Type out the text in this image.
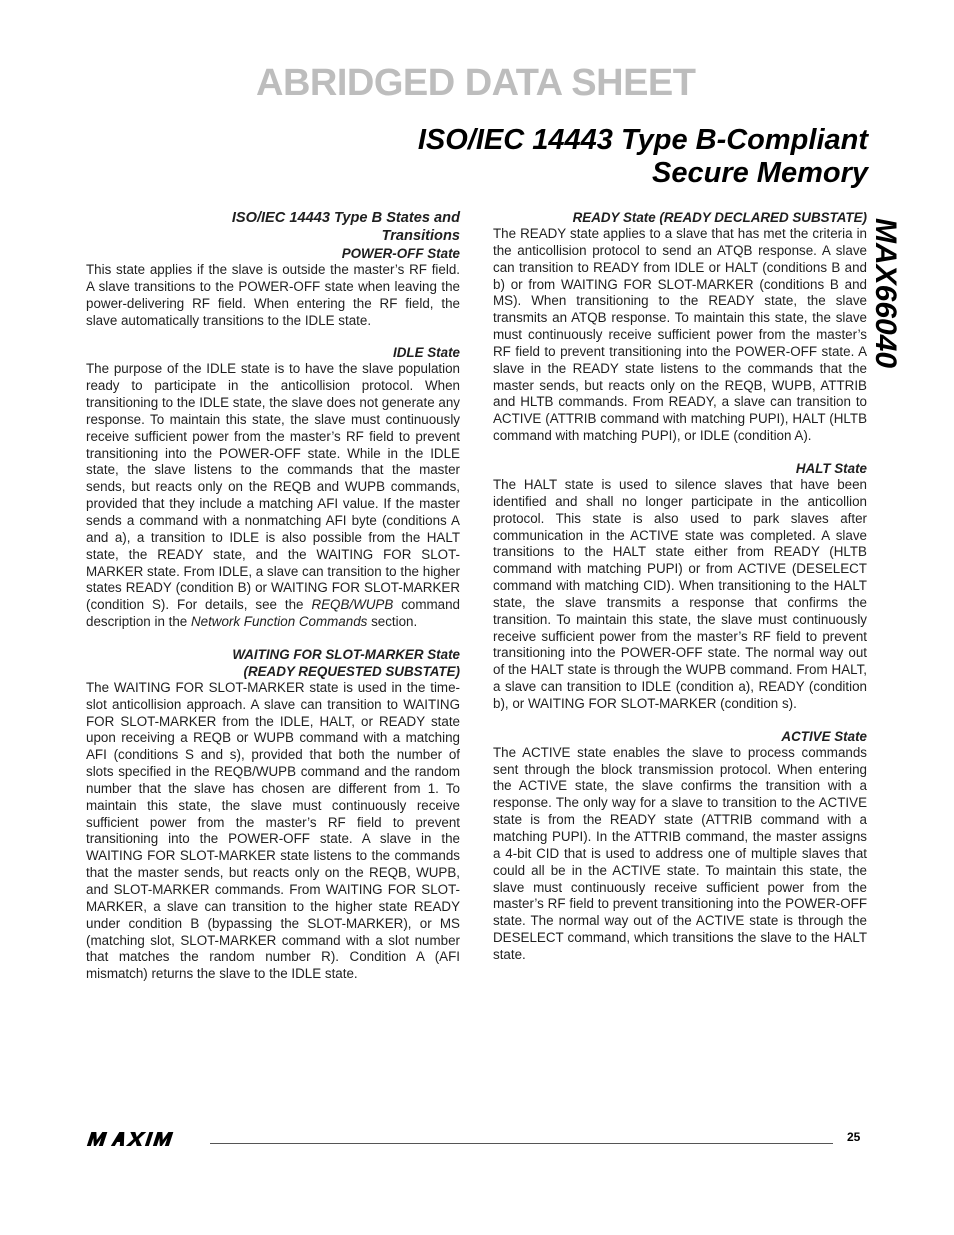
ABRIDGED DATA SHEET
ISO/IEC 14443 Type B-Compliant
Secure Memory
MAX66040
ISO/IEC 14443 Type B States and
Transitions
POWER-OFF State

This state applies if the slave is outside the master’s RF field. A slave transitions to the POWER-OFF state when leaving the power-delivering RF field. When entering the RF field, the slave automatically transitions to the IDLE state.

IDLE State

The purpose of the IDLE state is to have the slave population ready to participate in the anticollision protocol. When transitioning to the IDLE state, the slave does not generate any response. To maintain this state, the slave must continuously receive sufficient power from the master’s RF field to prevent transitioning into the POWER-OFF state. While in the IDLE state, the slave listens to the commands that the master sends, but reacts only on the REQB and WUPB commands, provided that they include a matching AFI value. If the master sends a command with a nonmatching AFI byte (conditions A and a), a transition to IDLE is also possible from the HALT state, the READY state, and the WAITING FOR SLOT-MARKER state. From IDLE, a slave can transition to the higher states READY (condition B) or WAITING FOR SLOT-MARKER (condition S). For details, see the REQB/WUPB command description in the Network Function Commands section.

WAITING FOR SLOT-MARKER State
(READY REQUESTED SUBSTATE)

The WAITING FOR SLOT-MARKER state is used in the time-slot anticollision approach. A slave can transition to WAITING FOR SLOT-MARKER from the IDLE, HALT, or READY state upon receiving a REQB or WUPB command with a matching AFI (conditions S and s), provided that both the number of slots specified in the REQB/WUPB command and the random number that the slave has chosen are different from 1. To maintain this state, the slave must continuously receive sufficient power from the master’s RF field to prevent transitioning into the POWER-OFF state. A slave in the WAITING FOR SLOT-MARKER state listens to the commands that the master sends, but reacts only on the REQB, WUPB, and SLOT-MARKER commands. From WAITING FOR SLOT-MARKER, a slave can transition to the higher state READY under condition B (bypassing the SLOT-MARKER), or MS (matching slot, SLOT-MARKER command with a slot number that matches the random number R). Condition A (AFI mismatch) returns the slave to the IDLE state.

READY State (READY DECLARED SUBSTATE)

The READY state applies to a slave that has met the criteria in the anticollision protocol to send an ATQB response. A slave can transition to READY from IDLE or HALT (conditions B and b) or from WAITING FOR SLOT-MARKER (conditions B and MS). When transitioning to the READY state, the slave transmits an ATQB response. To maintain this state, the slave must continuously receive sufficient power from the master’s RF field to prevent transitioning into the POWER-OFF state. A slave in the READY state listens to the commands that the master sends, but reacts only on the REQB, WUPB, ATTRIB and HLTB commands. From READY, a slave can transition to ACTIVE (ATTRIB command with matching PUPI), HALT (HLTB command with matching PUPI), or IDLE (condition A).

HALT State

The HALT state is used to silence slaves that have been identified and shall no longer participate in the anticollion protocol. This state is also used to park slaves after communication in the ACTIVE state was completed. A slave transitions to the HALT state either from READY (HLTB command with matching PUPI) or from ACTIVE (DESELECT command with matching CID). When transitioning to the HALT state, the slave transmits a response that confirms the transition. To maintain this state, the slave must continuously receive sufficient power from the master’s RF field to prevent transitioning into the POWER-OFF state. The normal way out of the HALT state is through the WUPB command. From HALT, a slave can transition to IDLE (condition a), READY (condition b), or WAITING FOR SLOT-MARKER (condition s).

ACTIVE State

The ACTIVE state enables the slave to process commands sent through the block transmission protocol. When entering the ACTIVE state, the slave confirms the transition with a response. The only way for a slave to transition to the ACTIVE state is from the READY state (ATTRIB command with a matching PUPI). In the ATTRIB command, the master assigns a 4-bit CID that is used to address one of multiple slaves that could all be in the ACTIVE state. To maintain this state, the slave must continuously receive sufficient power from the master’s RF field to prevent transitioning into the POWER-OFF state. The normal way out of the ACTIVE state is through the DESELECT command, which transitions the slave to the HALT state.

25
